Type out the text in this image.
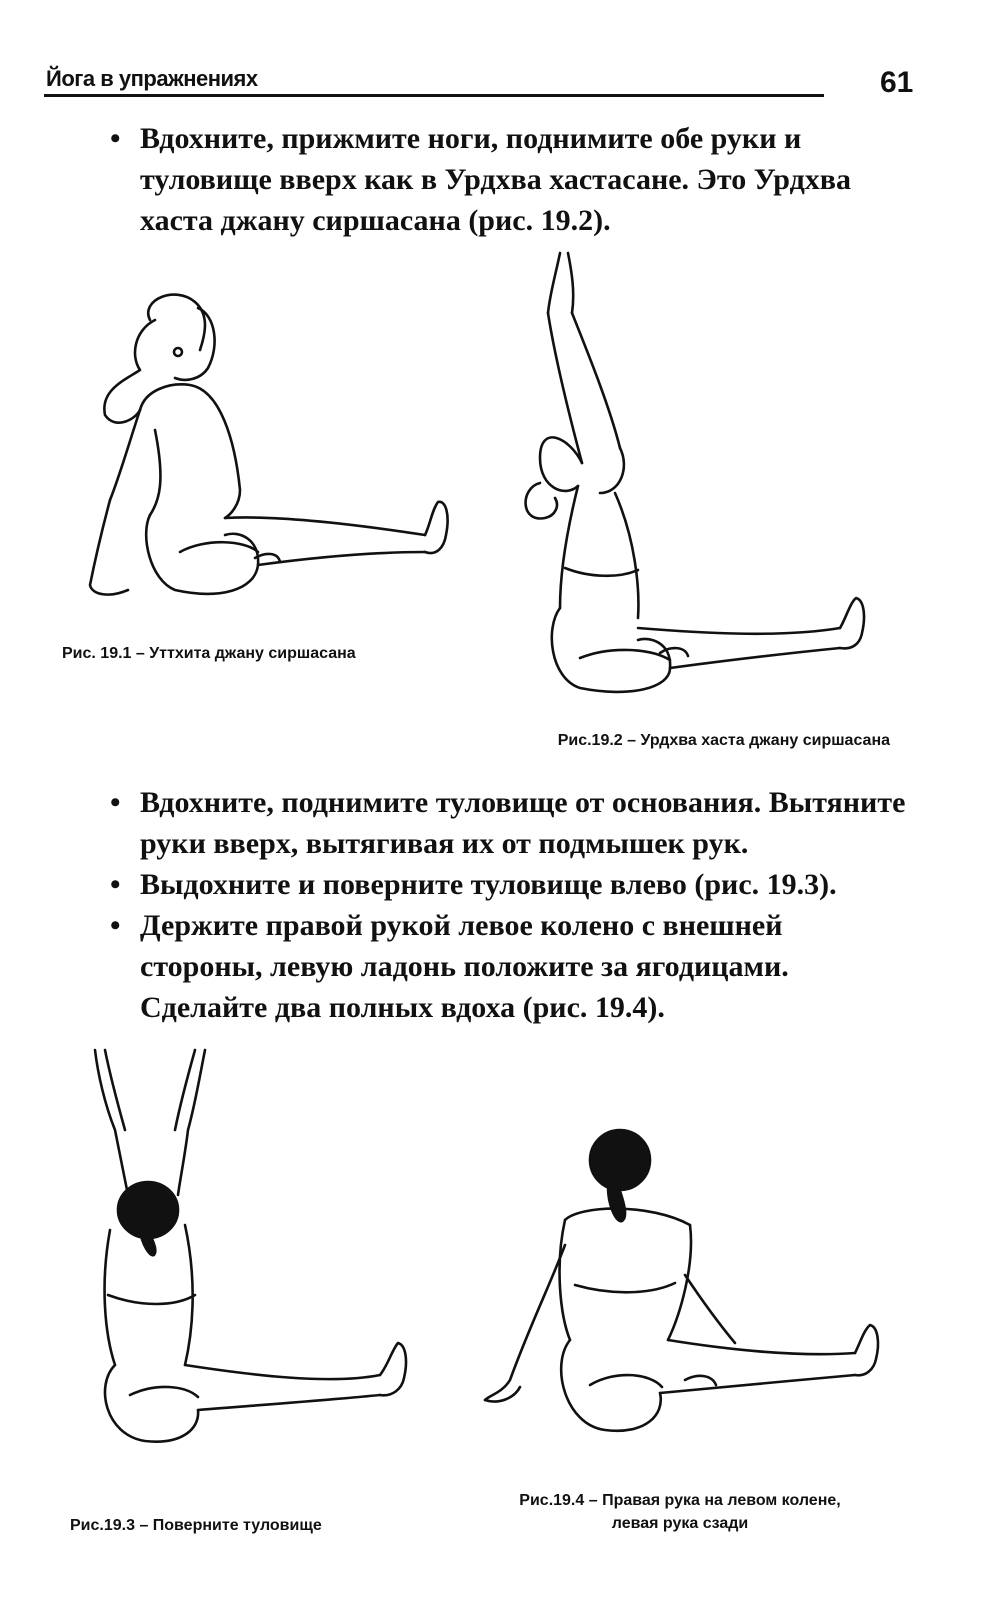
Йога в упражнениях	61
• Вдохните, прижмите ноги, поднимите обе руки и туловище вверх как в Урдхва хастасане. Это Урдхва хаста джану сиршасана (рис. 19.2).
Рис. 19.1 – Уттхита джану сиршасана
Рис.19.2 – Урдхва хаста джану сиршасана
• Вдохните, поднимите туловище от основания. Вытяните руки вверх, вытягивая их от подмышек рук.
• Выдохните и поверните туловище влево (рис. 19.3).
• Держите правой рукой левое колено с внешней стороны, левую ладонь положите за ягодицами. Сделайте два полных вдоха (рис. 19.4).
Рис.19.3 – Поверните туловище
Рис.19.4 – Правая рука на левом колене,
левая рука сзади
